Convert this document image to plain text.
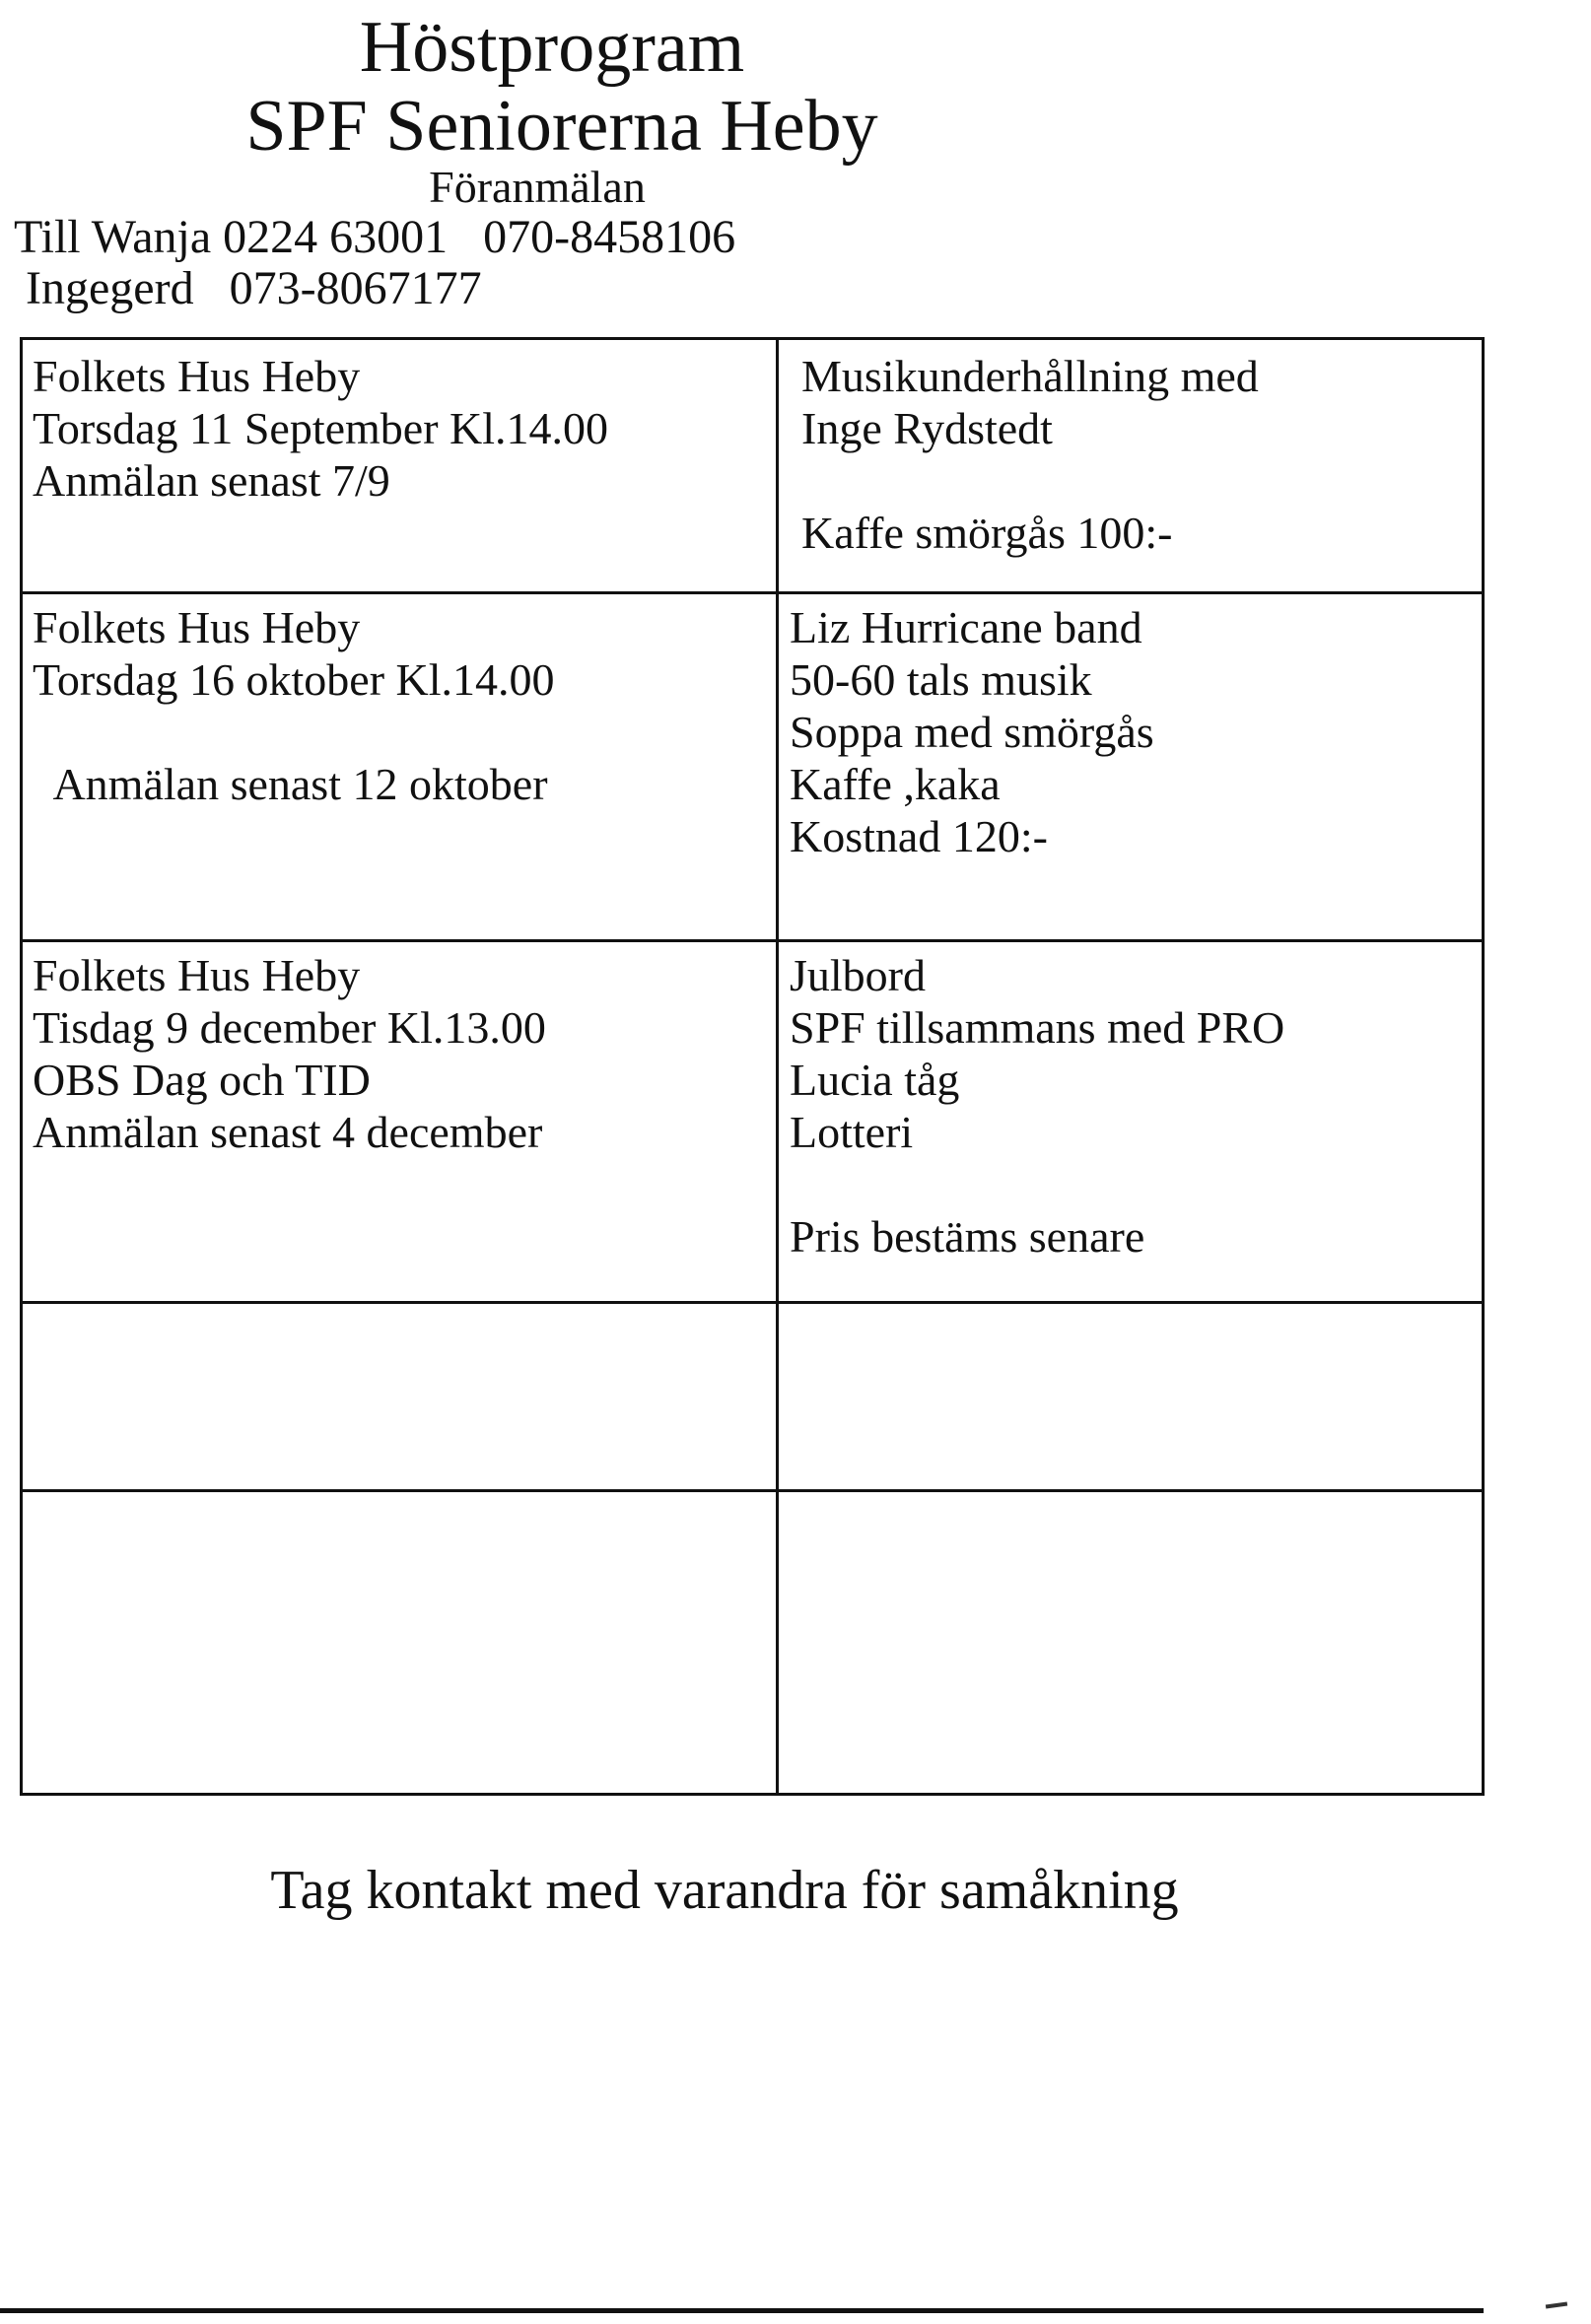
Höstprogram
SPF Seniorerna Heby
Föranmälan
Till Wanja 0224 63001   070-8458106
Ingegerd   073-8067177
Folkets Hus Heby
Torsdag 11 September Kl.14.00
Anmälan senast 7/9
Musikunderhållning med
Inge Rydstedt
Kaffe smörgås 100:-
Folkets Hus Heby
Torsdag 16 oktober Kl.14.00
Anmälan senast 12 oktober
Liz Hurricane band
50-60 tals musik
Soppa med smörgås
Kaffe ,kaka
Kostnad 120:-
Folkets Hus Heby
Tisdag 9 december Kl.13.00
OBS Dag och TID
Anmälan senast 4 december
Julbord
SPF tillsammans med PRO
Lucia tåg
Lotteri
Pris bestäms senare
Tag kontakt med varandra för samåkning
